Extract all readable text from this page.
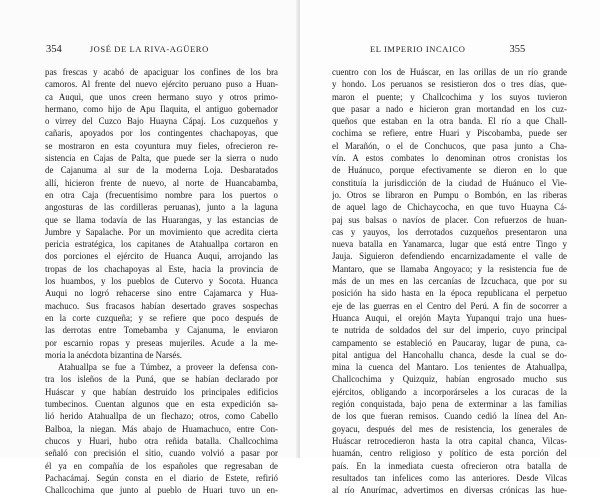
354	JOSÉ DE LA RIVA-AGÜERO
pas frescas y acabó de apaciguar los confines de los bra
camoros. Al frente del nuevo ejército peruano puso a Huan-
ca Auqui, que unos creen hermano suyo y otros primo-
hermano, como hijo de Apu Ilaquita, el antiguo gobernador
o virrey del Cuzco Bajo Huayna Cápaj. Los cuzqueños y
cañaris, apoyados por los contingentes chachapoyas, que
se mostraron en esta coyuntura muy fieles, ofrecieron re-
sistencia en Cajas de Palta, que puede ser la sierra o nudo
de Cajanuma al sur de la moderna Loja. Desbaratados
allí, hicieron frente de nuevo, al norte de Huancabamba,
en otra Caja (frecuentísimo nombre para los puertos o
angosturas de las cordilleras peruanas), junto a la laguna
que se llama todavía de las Huarangas, y las estancias de
Jumbre y Sapalache. Por un movimiento que acredita cierta
pericia estratégica, los capitanes de Atahuallpa cortaron en
dos porciones el ejército de Huanca Auqui, arrojando las
tropas de los chachapoyas al Este, hacia la provincia de
los huambos, y los pueblos de Cutervo y Socota. Huanca
Auqui no logró rehacerse sino entre Cajamarca y Hua-
machuco. Sus fracasos habían desertado graves sospechas
en la corte cuzqueña; y se refiere que poco después de
las derrotas entre Tomebamba y Cajanuma, le enviaron
por escarnio ropas y preseas mujeriles. Acude a la me-
moria la anécdota bizantina de Narsés.
Atahuallpa se fue a Túmbez, a proveer la defensa con-
tra los isleños de la Puná, que se habían declarado por
Huáscar y que habían destruido los principales edificios
tumbecinos. Cuentan algunos que en esta expedición sa-
lió herido Atahuallpa de un flechazo; otros, como Cabello
Balboa, la niegan. Más abajo de Huamachuco, entre Con-
chucos y Huari, hubo otra reñida batalla. Challcochima
señaló con precisión el sitio, cuando volvió a pasar por
él ya en compañía de los españoles que regresaban de
Pachacámaj. Según consta en el diario de Estete, refirió
Challcochima que junto al pueblo de Huari tuvo un en-
EL IMPERIO INCAICO	355
cuentro con los de Huáscar, en las orillas de un río grande
y hondo. Los peruanos se resistieron dos o tres días, que-
maron el puente; y Challcochima y los suyos tuvieron
que pasar a nado e hicieron gran mortandad en los cuz-
queños que estaban en la otra banda. El río a que Chall-
cochima se refiere, entre Huari y Piscobamba, puede ser
el Marañón, o el de Conchucos, que pasa junto a Cha-
vín. A estos combates lo denominan otros cronistas los
de Huánuco, porque efectivamente se dieron en lo que
constituía la jurisdicción de la ciudad de Huánuco el Vie-
jo. Otros se libraron en Pumpu o Bombón, en las riberas
de aquel lago de Chichaycocha, en que tuvo Huayna Cá-
paj sus balsas o navíos de placer. Con refuerzos de huan-
cas y yauyos, los derrotados cuzqueños presentaron una
nueva batalla en Yanamarca, lugar que está entre Tingo y
Jauja. Siguieron defendiendo encarnizadamente el valle de
Mantaro, que se llamaba Angoyaco; y la resistencia fue de
más de un mes en las cercanías de Izcuchaca, que por su
posición ha sido hasta en la época republicana el perpetuo
eje de las guerras en el Centro del Perú. A fin de socorrer a
Huanca Auqui, el orejón Mayta Yupanqui trajo una hues-
te nutrida de soldados del sur del imperio, cuyo principal
campamento se estableció en Paucaray, lugar de puna, ca-
pital antigua del Hancohallu chanca, desde la cual se do-
mina la cuenca del Mantaro. Los tenientes de Atahuallpa,
Challcochima y Quizquiz, habían engrosado mucho sus
ejércitos, obligando a incorporárseles a los curacas de la
región conquistada, bajo pena de exterminar a las familias
de los que fueran remisos. Cuando cedió la línea del An-
goyacu, después del mes de resistencia, los generales de
Huáscar retrocedieron hasta la otra capital chanca, Vilcas-
huamán, centro religioso y político de esta porción del
país. En la inmediata cuesta ofrecieron otra batalla de
resultados tan infelices como las anteriores. Desde Vilcas
al río Anurímac, advertimos en diversas crónicas las hue-
